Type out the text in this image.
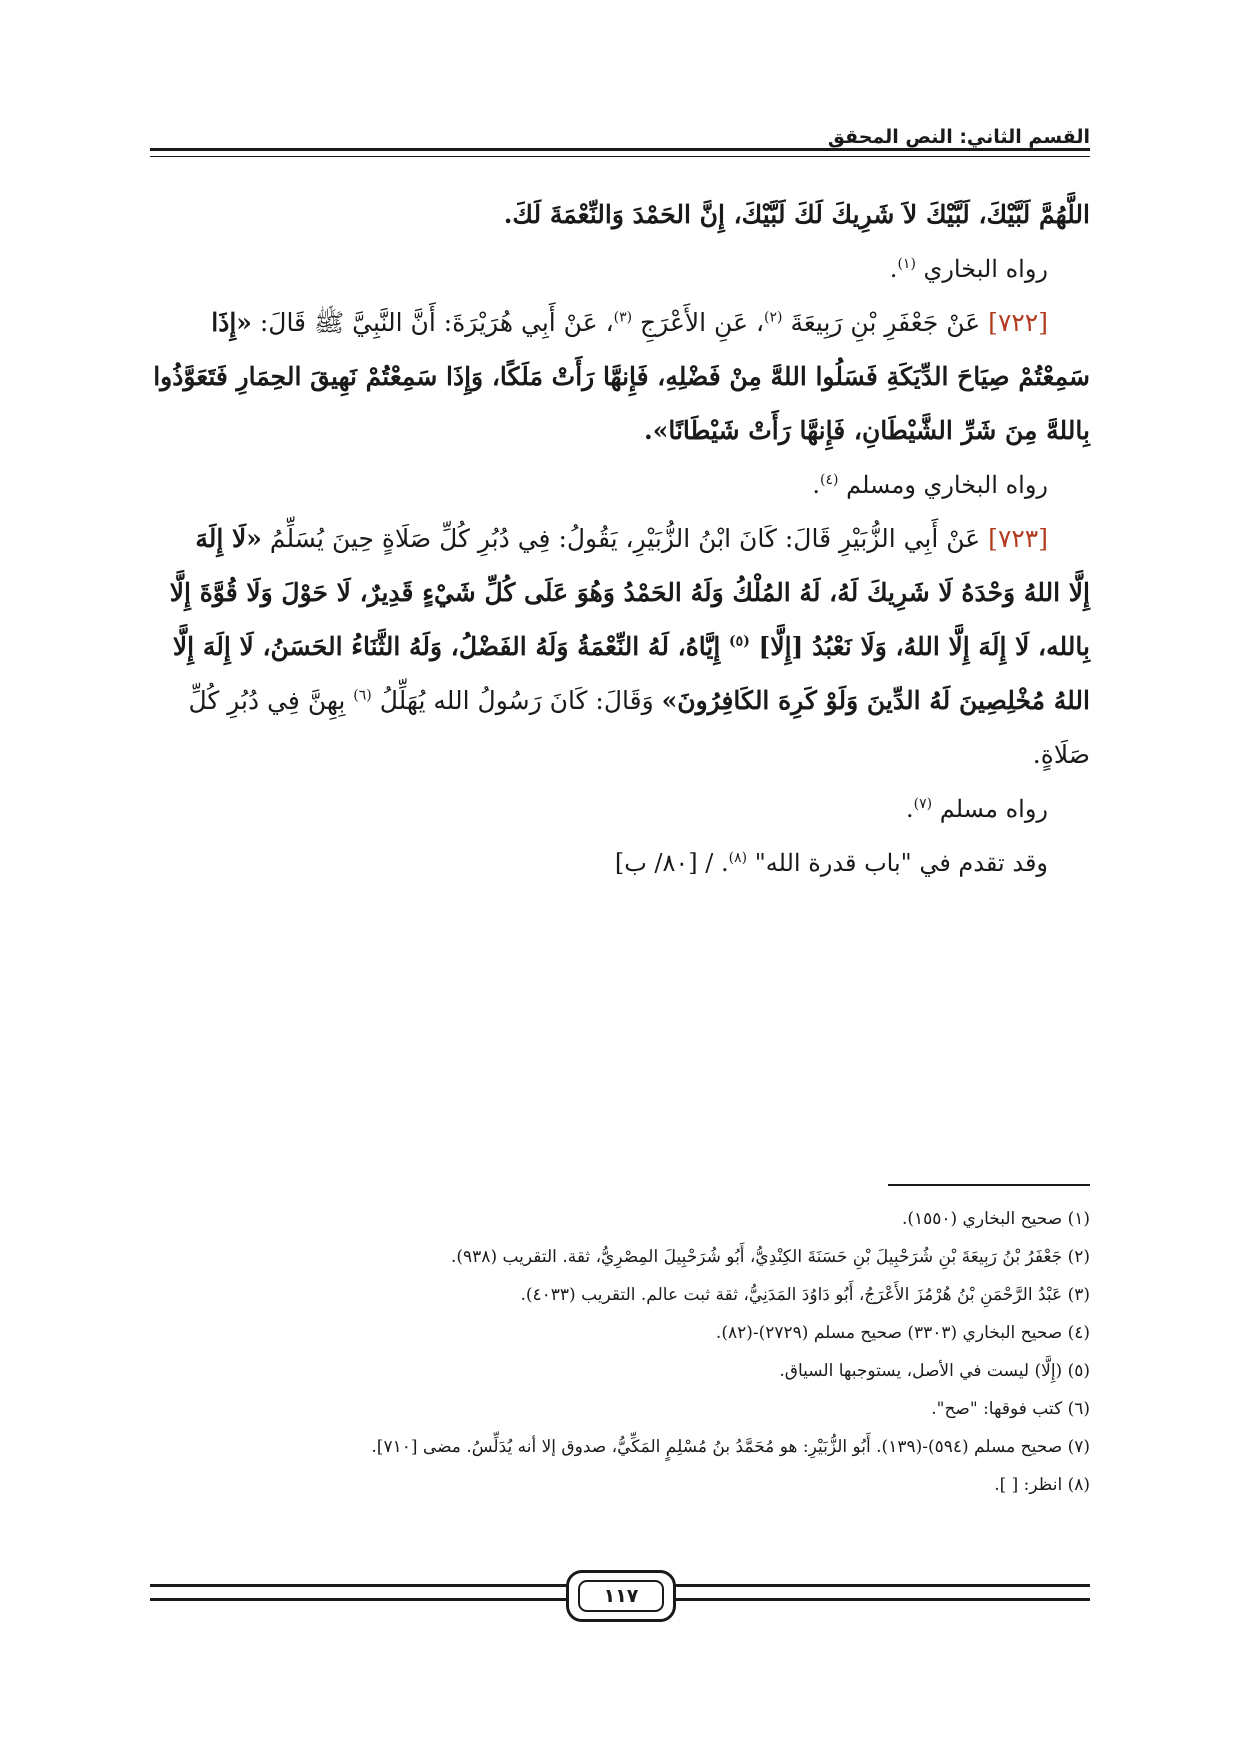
القسم الثاني: النص المحقق

اللَّهُمَّ لَبَّيْكَ، لَبَّيْكَ لاَ شَرِيكَ لَكَ لَبَّيْكَ، إِنَّ الحَمْدَ وَالنِّعْمَةَ لَكَ.

رواه البخاري $^{(١)}$.

[٧٢٢] عَنْ جَعْفَرِ بْنِ رَبِيعَةَ $^{(٢)}$، عَنِ الأَعْرَجِ $^{(٣)}$، عَنْ أَبِي هُرَيْرَةَ: أَنَّ النَّبِيَّ ﷺ قَالَ: «إِذَا

سَمِعْتُمْ صِيَاحَ الدِّيَكَةِ فَسَلُوا اللهَّ مِنْ فَضْلِهِ، فَإِنهَّا رَأَتْ مَلَكًا، وَإِذَا سَمِعْتُمْ نَهِيقَ الحِمَارِ فَتَعَوَّذُوا

بِاللهَّ مِنَ شَرِّ الشَّيْطَانِ، فَإِنهَّا رَأَتْ شَيْطَانًا».

رواه البخاري ومسلم $^{(٤)}$.

[٧٢٣] عَنْ أَبِي الزُّبَيْرِ قَالَ: كَانَ ابْنُ الزُّبَيْرِ، يَقُولُ: فِي دُبُرِ كُلِّ صَلَاةٍ حِينَ يُسَلِّمُ «لَا إِلَهَ

إِلَّا اللهُ وَحْدَهُ لَا شَرِيكَ لَهُ، لَهُ المُلْكُ وَلَهُ الحَمْدُ وَهُوَ عَلَى كُلِّ شَيْءٍ قَدِيرٌ، لَا حَوْلَ وَلَا قُوَّةَ إِلَّا

بِالله، لَا إِلَهَ إِلَّا اللهُ، وَلَا نَعْبُدُ [إِلَّا] $^{(٥)}$ إِيَّاهُ، لَهُ النِّعْمَةُ وَلَهُ الفَضْلُ، وَلَهُ الثَّنَاءُ الحَسَنُ، لَا إِلَهَ إِلَّا

اللهُ مُخْلِصِينَ لَهُ الدِّينَ وَلَوْ كَرِهَ الكَافِرُونَ» وَقَالَ: كَانَ رَسُولُ الله يُهَلِّلُ $^{(٦)}$ بِهِنَّ فِي دُبُرِ كُلِّ

صَلَاةٍ.

رواه مسلم $^{(٧)}$.

وقد تقدم في "باب قدرة الله" $^{(٨)}$. / [٨٠/ ب]

(١) صحيح البخاري (١٥٥٠).
(٢) جَعْفَرُ بْنُ رَبِيعَةَ بْنِ شُرَحْبِيلَ بْنِ حَسَنَةَ الكِنْدِيُّ، أَبُو شُرَحْبِيلَ المِصْرِيُّ، ثقة. التقريب (٩٣٨).
(٣) عَبْدُ الرَّحْمَنِ بْنُ هُرْمُزَ الأَعْرَجُ، أَبُو دَاوُدَ المَدَنِيُّ، ثقة ثبت عالم. التقريب (٤٠٣٣).
(٤) صحيح البخاري (٣٣٠٣) صحيح مسلم (٢٧٢٩)-(٨٢).
(٥) (إِلَّا) ليست في الأصل، يستوجبها السياق.
(٦) كتب فوقها: "صح".
(٧) صحيح مسلم (٥٩٤)-(١٣٩). أَبُو الزُّبَيْرِ: هو مُحَمَّدُ بنُ مُسْلِمٍ المَكِّيُّ، صدوق إلا أنه يُدَلِّسُ. مضى [٧١٠].
(٨) انظر: [ ].
١١٧
